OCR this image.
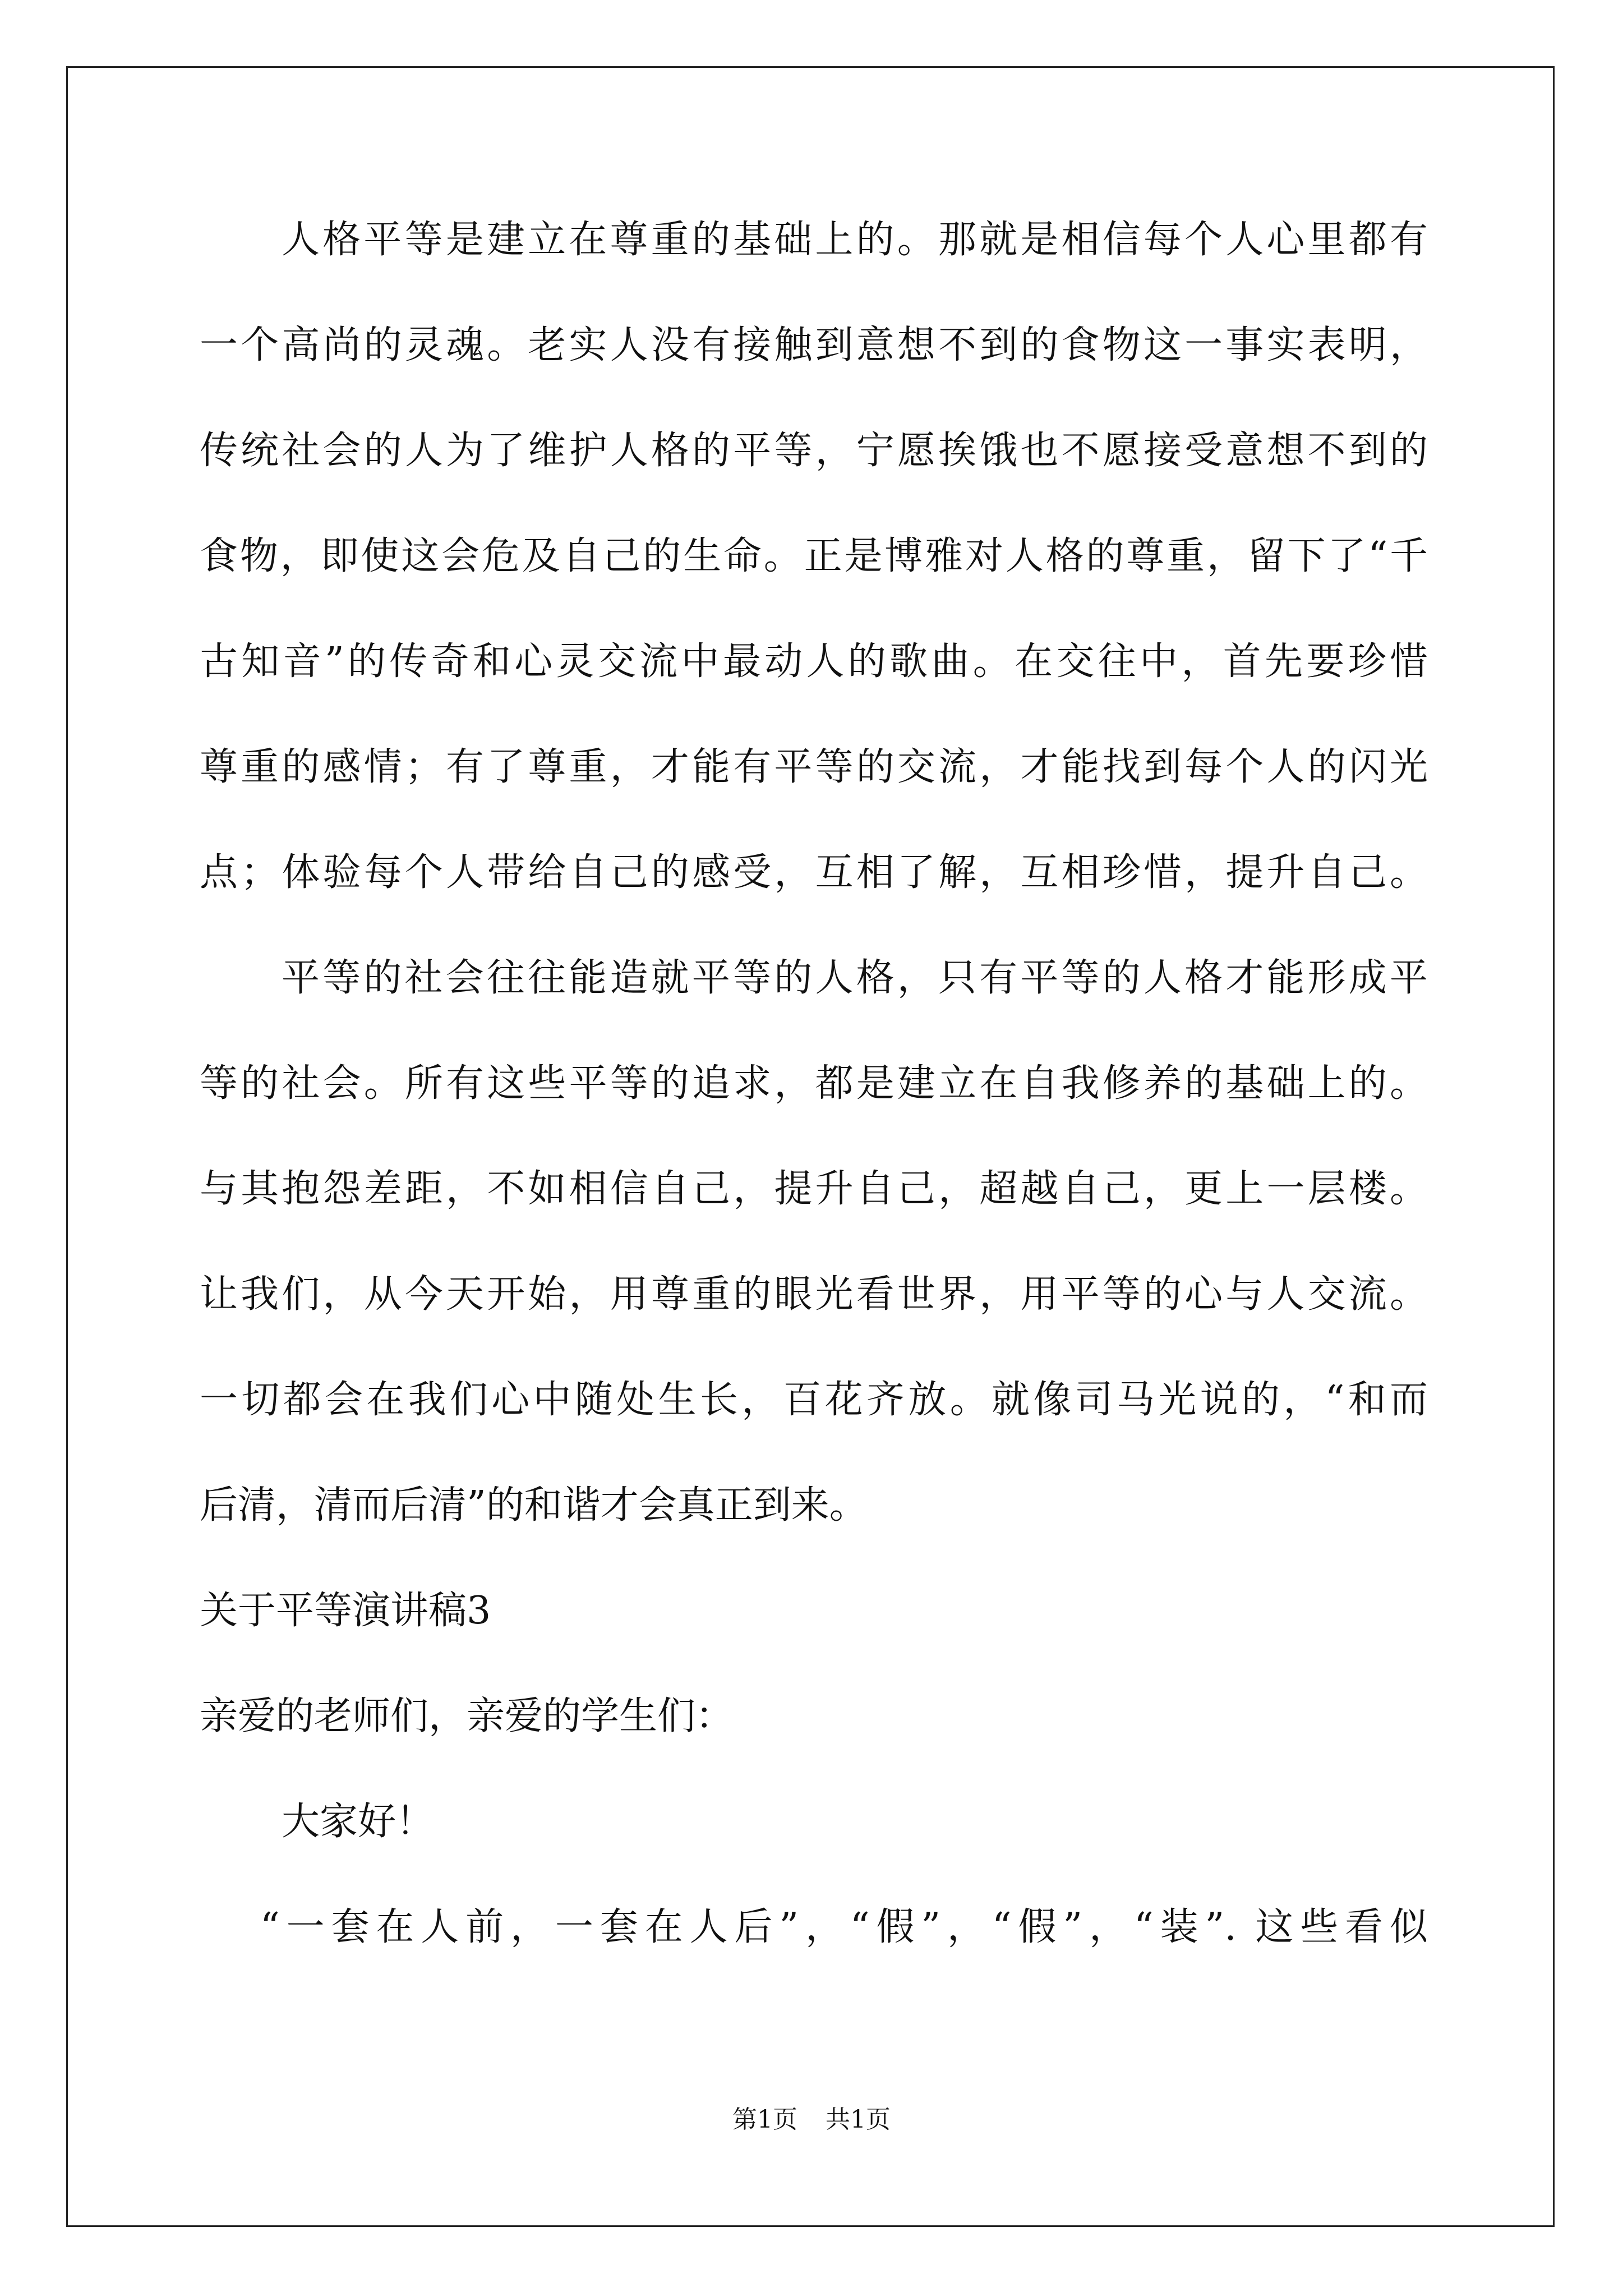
人格平等是建立在尊重的基础上的。那就是相信每个人心里都有
一个高尚的灵魂。老实人没有接触到意想不到的食物这一事实表明，
传统社会的人为了维护人格的平等，宁愿挨饿也不愿接受意想不到的
食物，即使这会危及自己的生命。正是博雅对人格的尊重，留下了“千
古知音”的传奇和心灵交流中最动人的歌曲。在交往中，首先要珍惜
尊重的感情；有了尊重，才能有平等的交流，才能找到每个人的闪光
点；体验每个人带给自己的感受，互相了解，互相珍惜，提升自己。
平等的社会往往能造就平等的人格，只有平等的人格才能形成平
等的社会。所有这些平等的追求，都是建立在自我修养的基础上的。
与其抱怨差距，不如相信自己，提升自己，超越自己，更上一层楼。
让我们，从今天开始，用尊重的眼光看世界，用平等的心与人交流。
一切都会在我们心中随处生长，百花齐放。就像司马光说的，“和而
后清，清而后清”的和谐才会真正到来。
关于平等演讲稿3
亲爱的老师们，亲爱的学生们：
大家好！
“一套在人前，一套在人后”，“假”，“假”，“装”. 这些看似
第1页 共1页
